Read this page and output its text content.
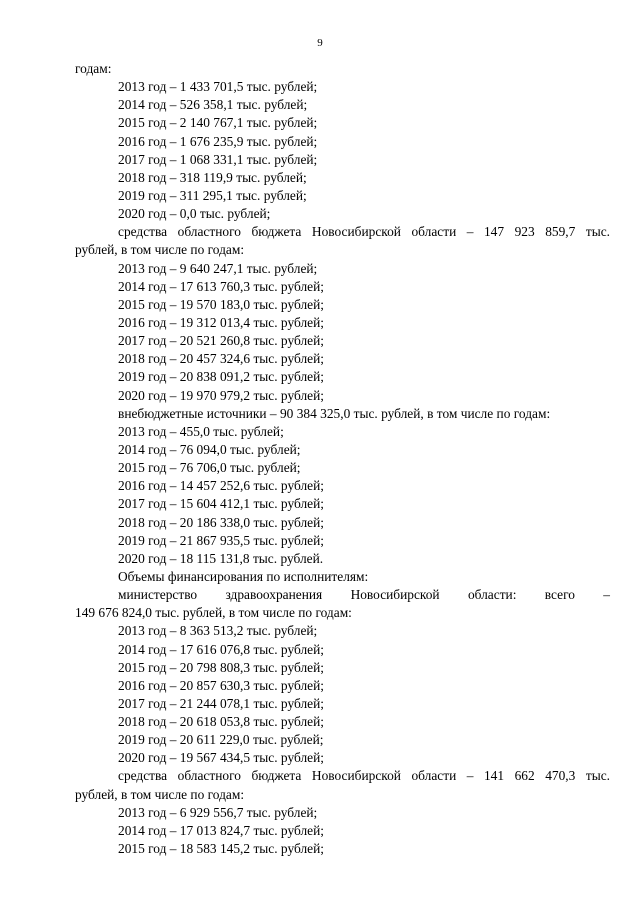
9
годам:
2013 год – 1 433 701,5 тыс. рублей;
2014 год – 526 358,1 тыс. рублей;
2015 год – 2 140 767,1 тыс. рублей;
2016 год – 1 676 235,9 тыс. рублей;
2017 год – 1 068 331,1 тыс. рублей;
2018 год – 318 119,9 тыс. рублей;
2019 год – 311 295,1 тыс. рублей;
2020 год – 0,0 тыс. рублей;
средства областного бюджета Новосибирской области – 147 923 859,7 тыс.
рублей, в том числе по годам:
2013 год – 9 640 247,1 тыс. рублей;
2014 год – 17 613 760,3 тыс. рублей;
2015 год – 19 570 183,0 тыс. рублей;
2016 год – 19 312 013,4 тыс. рублей;
2017 год – 20 521 260,8 тыс. рублей;
2018 год – 20 457 324,6 тыс. рублей;
2019 год – 20 838 091,2 тыс. рублей;
2020 год – 19 970 979,2 тыс. рублей;
внебюджетные источники – 90 384 325,0 тыс. рублей, в том числе по годам:
2013 год – 455,0 тыс. рублей;
2014 год – 76 094,0 тыс. рублей;
2015 год – 76 706,0 тыс. рублей;
2016 год – 14 457 252,6 тыс. рублей;
2017 год – 15 604 412,1 тыс. рублей;
2018 год – 20 186 338,0 тыс. рублей;
2019 год – 21 867 935,5 тыс. рублей;
2020 год – 18 115 131,8 тыс. рублей.
Объемы финансирования по исполнителям:
министерство здравоохранения Новосибирской области: всего –
149 676 824,0 тыс. рублей, в том числе по годам:
2013 год – 8 363 513,2 тыс. рублей;
2014 год – 17 616 076,8 тыс. рублей;
2015 год – 20 798 808,3 тыс. рублей;
2016 год – 20 857 630,3 тыс. рублей;
2017 год – 21 244 078,1 тыс. рублей;
2018 год – 20 618 053,8 тыс. рублей;
2019 год – 20 611 229,0 тыс. рублей;
2020 год – 19 567 434,5 тыс. рублей;
средства областного бюджета Новосибирской области – 141 662 470,3 тыс.
рублей, в том числе по годам:
2013 год – 6 929 556,7 тыс. рублей;
2014 год – 17 013 824,7 тыс. рублей;
2015 год – 18 583 145,2 тыс. рублей;
